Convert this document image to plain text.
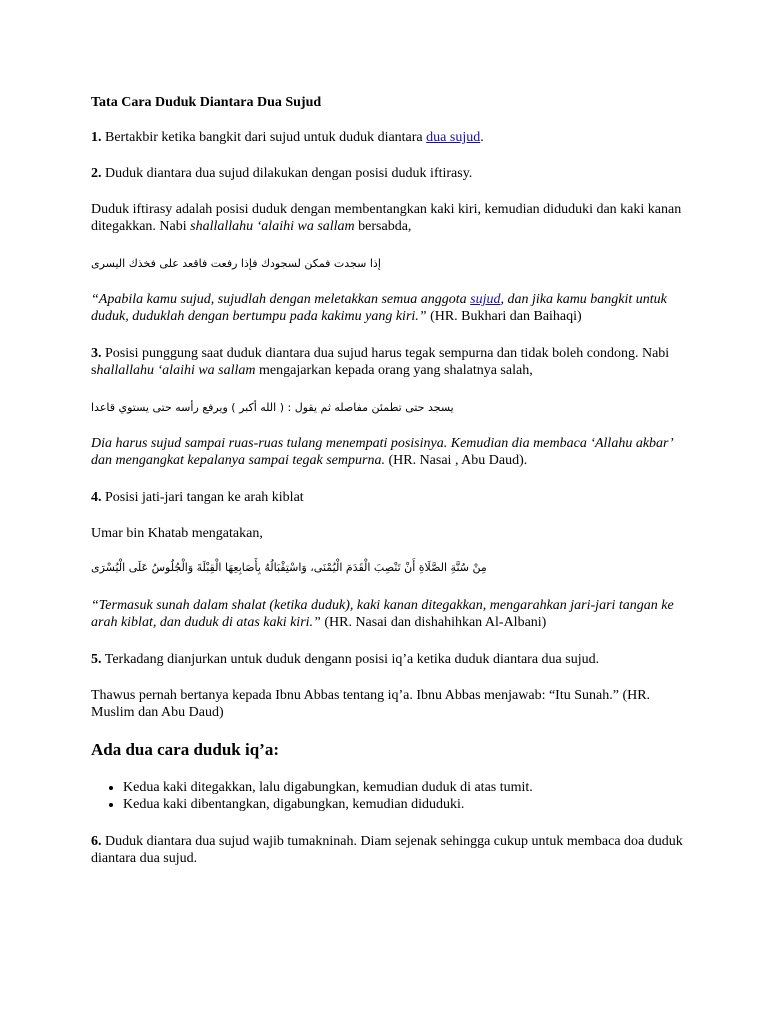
Tata Cara Duduk Diantara Dua Sujud

1. Bertakbir ketika bangkit dari sujud untuk duduk diantara dua sujud.

2. Duduk diantara dua sujud dilakukan dengan posisi duduk iftirasy.

Duduk iftirasy adalah posisi duduk dengan membentangkan kaki kiri, kemudian diduduki dan kaki kanan ditegakkan. Nabi shallallahu ‘alaihi wa sallam bersabda,

إذا سجدت فمكن لسجودك فإذا رفعت فاقعد على فخذك اليسرى

“Apabila kamu sujud, sujudlah dengan meletakkan semua anggota sujud, dan jika kamu bangkit untuk duduk, duduklah dengan bertumpu pada kakimu yang kiri.” (HR. Bukhari dan Baihaqi)

3. Posisi punggung saat duduk diantara dua sujud harus tegak sempurna dan tidak boleh condong. Nabi shallallahu ‘alaihi wa sallam mengajarkan kepada orang yang shalatnya salah,

يسجد حتى تطمئن مفاصله ثم يقول : ( الله أكبر ) ويرفع رأسه حتى يستوي قاعدا

Dia harus sujud sampai ruas-ruas tulang menempati posisinya. Kemudian dia membaca ‘Allahu akbar’ dan mengangkat kepalanya sampai tegak sempurna. (HR. Nasai , Abu Daud).

4. Posisi jati-jari tangan ke arah kiblat

Umar bin Khatab mengatakan,

مِنْ سُنَّةِ الصَّلَاةِ أَنْ تَنْصِبَ الْقَدَمَ الْيُمْنَى، وَاسْتِقْبَالُهُ بِأَصَابِعِهَا الْقِبْلَةَ وَالْجُلُوسُ عَلَى الْيُسْرَى

“Termasuk sunah dalam shalat (ketika duduk), kaki kanan ditegakkan, mengarahkan jari-jari tangan ke arah kiblat, dan duduk di atas kaki kiri.” (HR. Nasai dan dishahihkan Al-Albani)

5. Terkadang dianjurkan untuk duduk dengann posisi iq’a ketika duduk diantara dua sujud.

Thawus pernah bertanya kepada Ibnu Abbas tentang iq’a. Ibnu Abbas menjawab: “Itu Sunah.” (HR. Muslim dan Abu Daud)

Ada dua cara duduk iq’a:
• Kedua kaki ditegakkan, lalu digabungkan, kemudian duduk di atas tumit.
• Kedua kaki dibentangkan, digabungkan, kemudian diduduki.

6. Duduk diantara dua sujud wajib tumakninah. Diam sejenak sehingga cukup untuk membaca doa duduk diantara dua sujud.
